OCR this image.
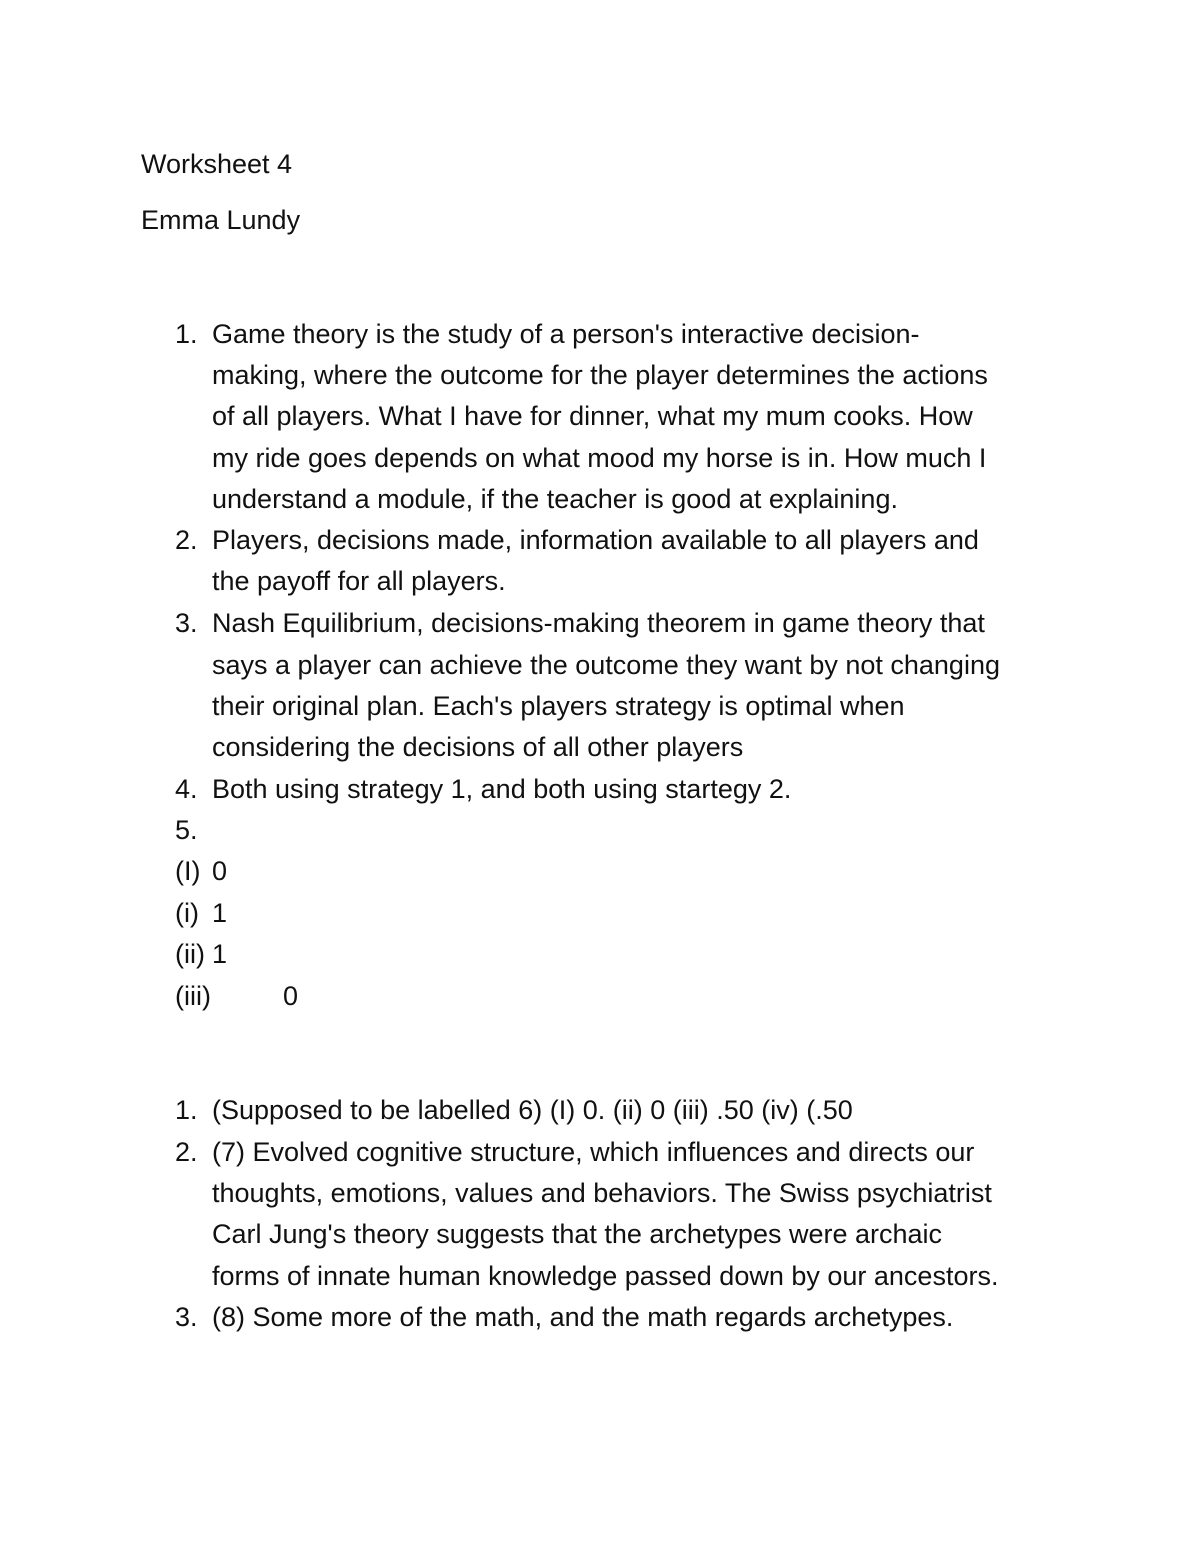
Worksheet 4
Emma Lundy
1. Game theory is the study of a person's interactive decision-
making, where the outcome for the player determines the actions
of all players. What I have for dinner, what my mum cooks. How
my ride goes depends on what mood my horse is in. How much I
understand a module, if the teacher is good at explaining.
2. Players, decisions made, information available to all players and
the payoff for all players.
3. Nash Equilibrium, decisions-making theorem in game theory that
says a player can achieve the outcome they want by not changing
their original plan. Each's players strategy is optimal when
considering the decisions of all other players
4. Both using strategy 1, and both using startegy 2.
5.
(I) 0
(i) 1
(ii) 1
(iii)	0
1. (Supposed to be labelled 6) (I) 0. (ii) 0 (iii) .50 (iv) (.50
2. (7) Evolved cognitive structure, which influences and directs our
thoughts, emotions, values and behaviors. The Swiss psychiatrist
Carl Jung's theory suggests that the archetypes were archaic
forms of innate human knowledge passed down by our ancestors.
3. (8) Some more of the math, and the math regards archetypes.
